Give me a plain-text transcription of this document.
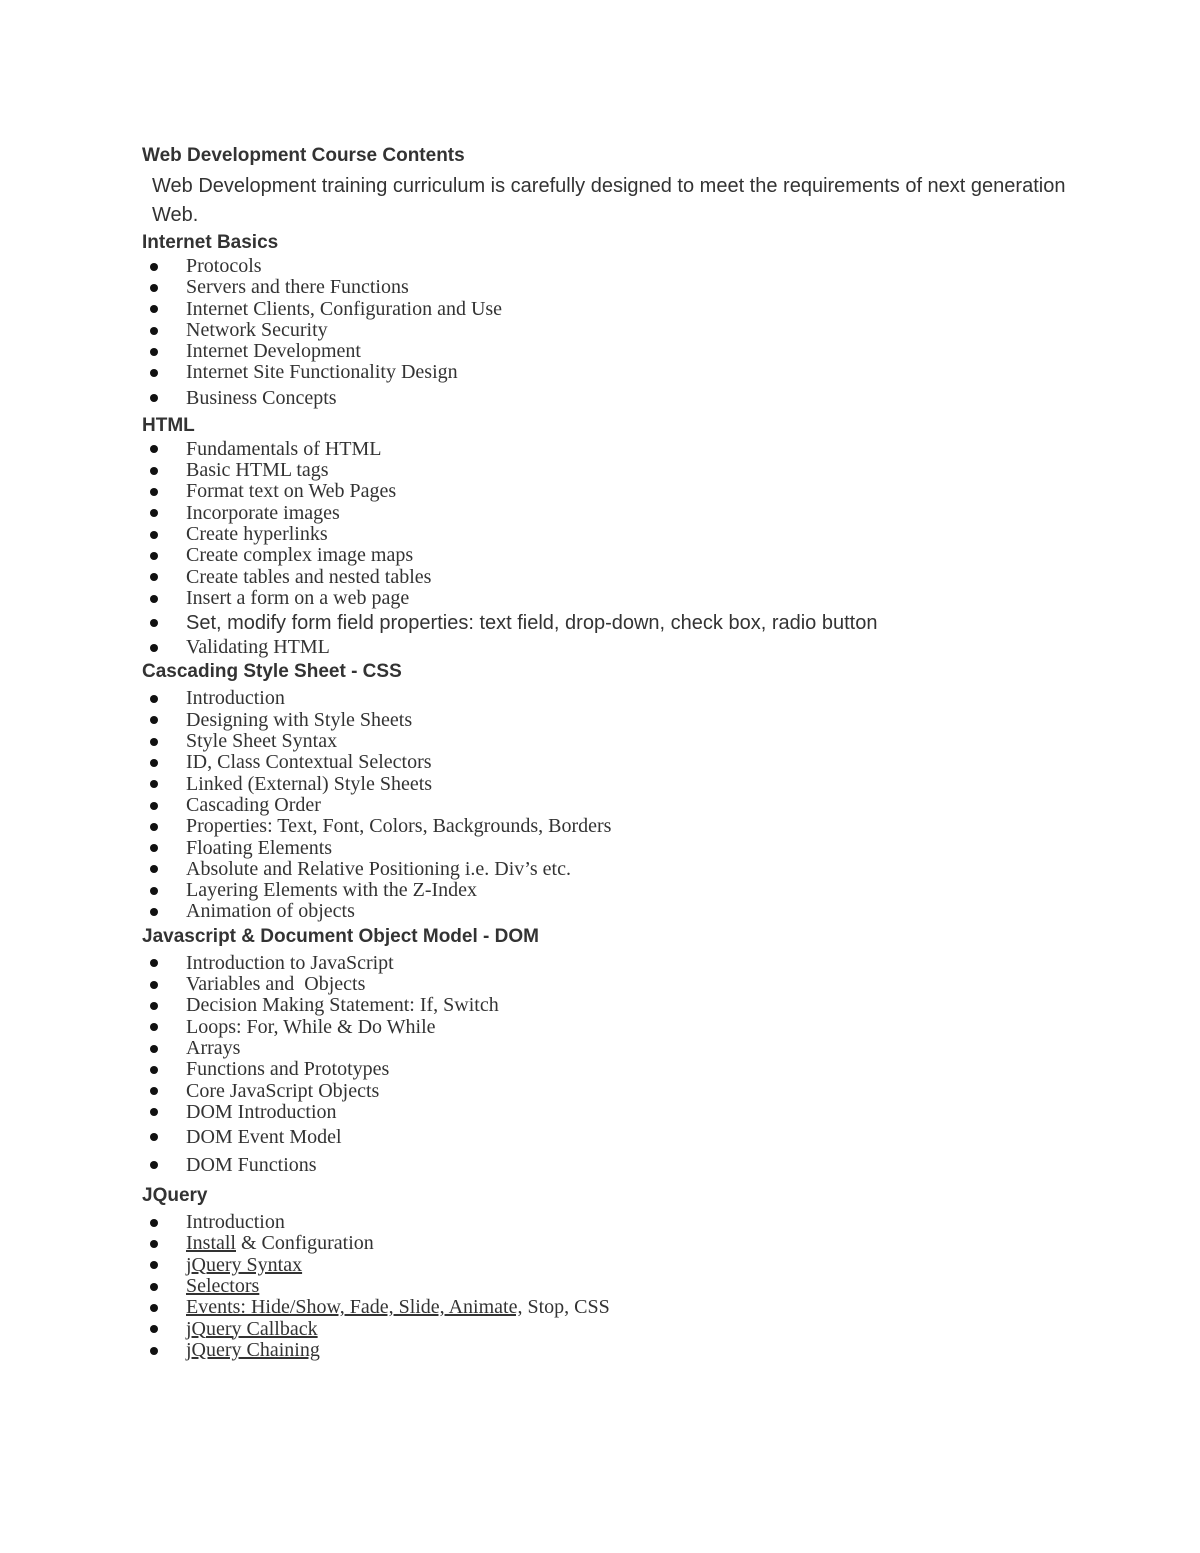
Web Development Course Contents

Web Development training curriculum is carefully designed to meet the requirements of next generation Web.

Internet Basics
Protocols
Servers and there Functions
Internet Clients, Configuration and Use
Network Security
Internet Development
Internet Site Functionality Design
Business Concepts
HTML
Fundamentals of HTML
Basic HTML tags
Format text on Web Pages
Incorporate images
Create hyperlinks
Create complex image maps
Create tables and nested tables
Insert a form on a web page
Set, modify form field properties: text field, drop-down, check box, radio button
Validating HTML
Cascading Style Sheet - CSS
Introduction
Designing with Style Sheets
Style Sheet Syntax
ID, Class Contextual Selectors
Linked (External) Style Sheets
Cascading Order
Properties: Text, Font, Colors, Backgrounds, Borders
Floating Elements
Absolute and Relative Positioning i.e. Div’s etc.
Layering Elements with the Z-Index
Animation of objects
Javascript & Document Object Model - DOM
Introduction to JavaScript
Variables and  Objects
Decision Making Statement: If, Switch
Loops: For, While & Do While
Arrays
Functions and Prototypes
Core JavaScript Objects
DOM Introduction
DOM Event Model
DOM Functions
JQuery
Introduction
Install & Configuration
jQuery Syntax
Selectors
Events: Hide/Show, Fade, Slide, Animate, Stop, CSS
jQuery Callback
jQuery Chaining
